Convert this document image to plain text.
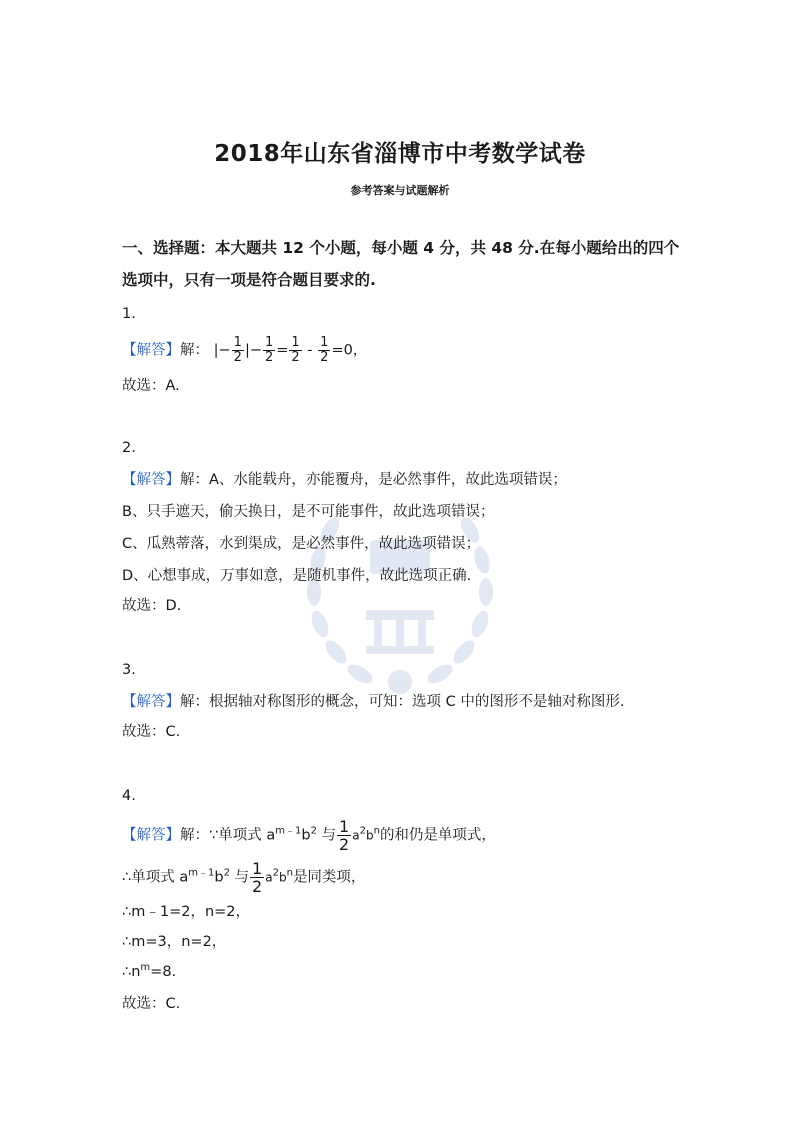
2018年山东省淄博市中考数学试卷
参考答案与试题解析
一、选择题：本大题共 12 个小题，每小题 4 分，共 48 分.在每小题给出的四个
选项中，只有一项是符合题目要求的.
1.
【解答】解： |− $\frac{1}{2}$ |− $\frac{1}{2} = \frac{1}{2} - \frac{1}{2} =0$，
故选：A.
2.
【解答】解：A、水能载舟，亦能覆舟，是必然事件，故此选项错误；
B、只手遮天，偷天换日，是不可能事件，故此选项错误；
C、瓜熟蒂落，水到渠成，是必然事件，故此选项错误；
D、心想事成，万事如意，是随机事件，故此选项正确.
故选：D.
3.
【解答】解：根据轴对称图形的概念，可知：选项 C 中的图形不是轴对称图形.
故选：C.
4.
【解答】解：∵单项式 $a^{m﹣1}b^2$ 与 $\frac{1}{2} a^2b^n$的和仍是单项式，
∴单项式 $a^{m﹣1}b^2$ 与 $\frac{1}{2} a^2b^n$是同类项，
∴m﹣1=2，n=2，
∴m=3，n=2，
$\therefore n^m=8$.
故选：C.
